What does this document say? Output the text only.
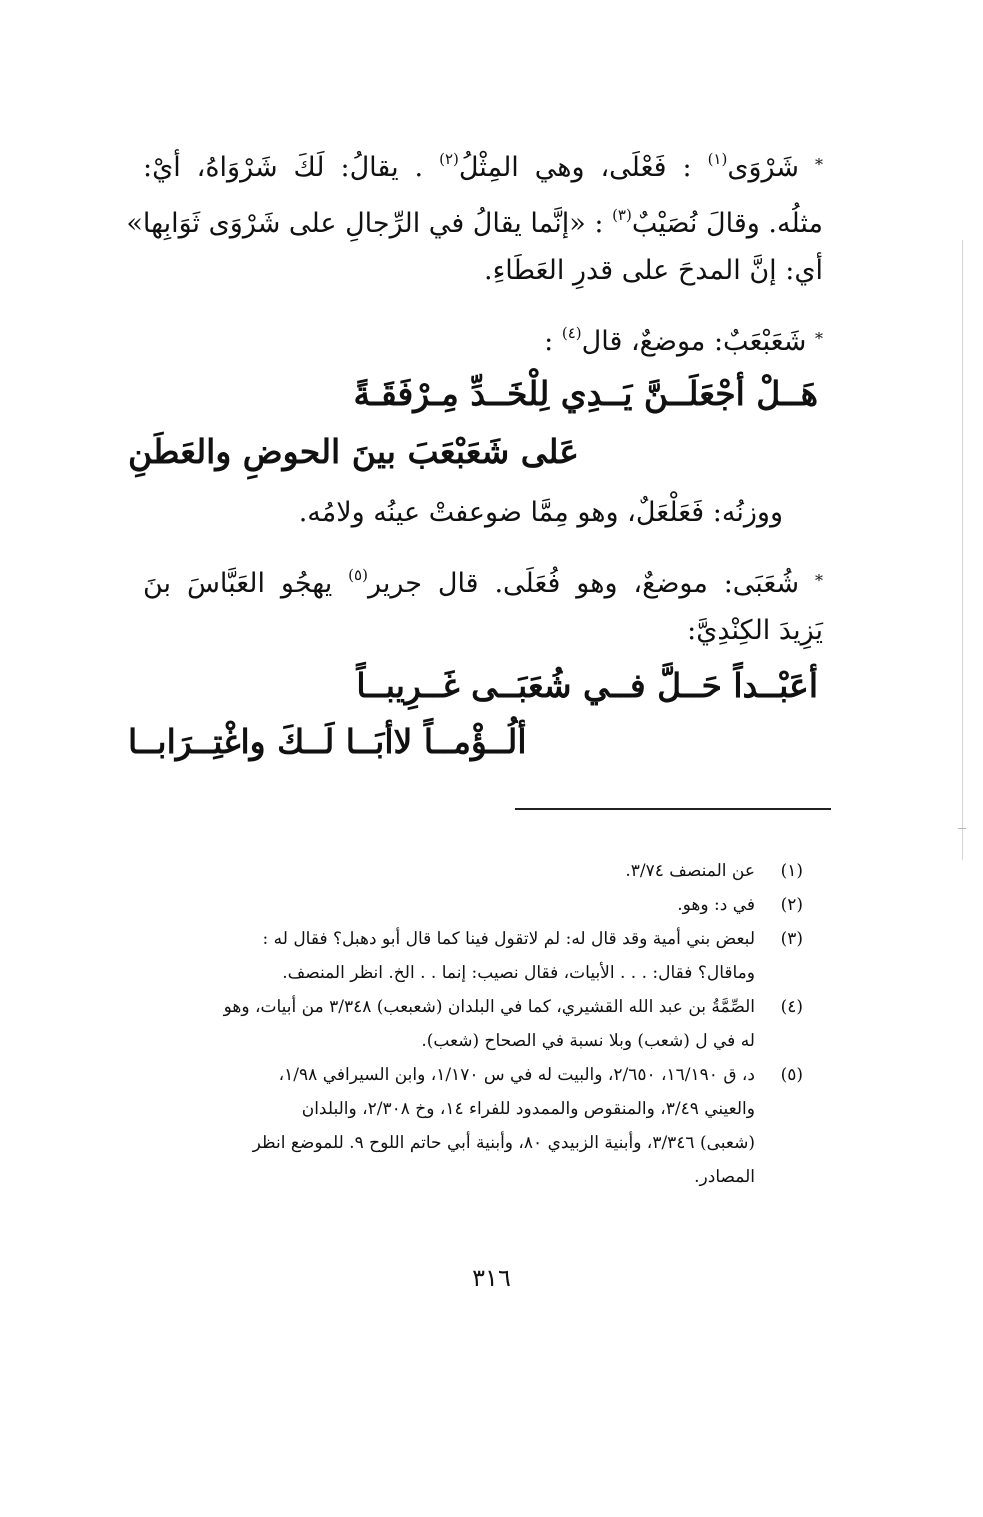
* شَرْوَى$^{(١)}$ : فَعْلَى، وهي المِثْلُ$^{(٢)}$ . يقالُ: لَكَ شَرْوَاهُ، أيْ:
مثلُه. وقالَ نُصَيْبٌ$^{(٣)}$ : «إنَّما يقالُ في الرِّجالِ على شَرْوَى ثَوَابِها»
أي: إنَّ المدحَ على قدرِ العَطَاءِ.
* شَعَبْعَبٌ: موضعٌ، قال$^{(٤)}$ :
هَــلْ أجْعَلَــنَّ يَــدِي لِلْخَــدِّ مِـرْفَقَـةً
عَلى شَعَبْعَبَ بينَ الحوضِ والعَطَنِ
ووزنُه: فَعَلْعَلٌ، وهو مِمَّا ضوعفتْ عينُه ولامُه.
* شُعَبَى: موضعٌ، وهو فُعَلَى. قال جرير$^{(٥)}$ يهجُو العَبَّاسَ بنَ
يَزِيدَ الكِنْدِيَّ:
أعَبْــداً حَــلَّ فــي شُعَبَــى غَــرِيبــاً
ألُــؤْمــاً لاأبَــا لَــكَ واغْتِــرَابــا
(١)عن المنصف ٣/٧٤.
(٢)في د: وهو.
(٣)لبعض بني أمية وقد قال له: لم لاتقول فينا كما قال أبو دهبل؟ فقال له :
وماقال؟ فقال: . . . الأبيات، فقال نصيب: إنما . . الخ. انظر المنصف.
(٤)الصِّمَّةُ بن عبد الله القشيري، كما في البلدان (شعبعب) ٣/٣٤٨ من أبيات، وهو
له في ل (شعب) وبلا نسبة في الصحاح (شعب).
(٥)د، ق ١٦/١٩٠، ٢/٦٥٠، والبيت له في س ١/١٧٠، وابن السيرافي ١/٩٨،
والعيني ٣/٤٩، والمنقوص والممدود للفراء ١٤، وخ ٢/٣٠٨، والبلدان
(شعبى) ٣/٣٤٦، وأبنية الزبيدي ٨٠، وأبنية أبي حاتم اللوح ٩. للموضع انظر
المصادر.
٣١٦
